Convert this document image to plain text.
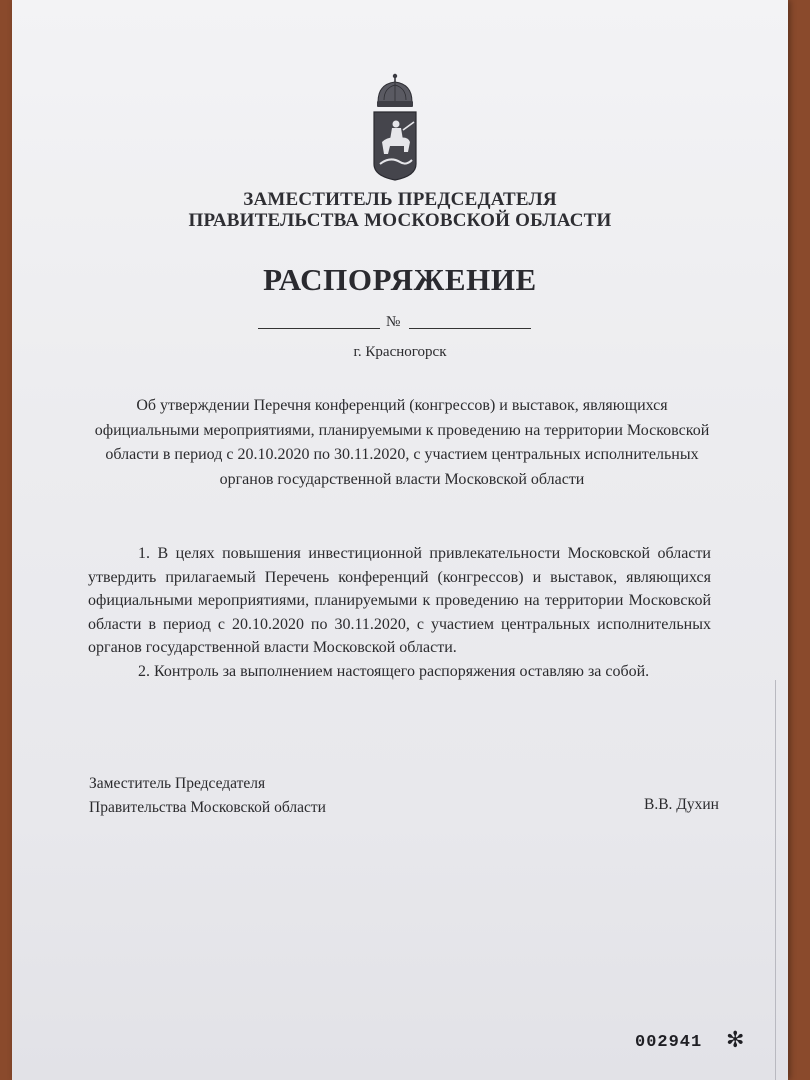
ЗАМЕСТИТЕЛЬ ПРЕДСЕДАТЕЛЯ
ПРАВИТЕЛЬСТВА МОСКОВСКОЙ ОБЛАСТИ
РАСПОРЯЖЕНИЕ
№
г. Красногорск
Об утверждении Перечня конференций (конгрессов) и выставок, являющихся официальными мероприятиями, планируемыми к проведению на территории Московской области в период с 20.10.2020 по 30.11.2020, с участием центральных исполнительных органов государственной власти Московской области

1. В целях повышения инвестиционной привлекательности Московской области утвердить прилагаемый Перечень конференций (конгрессов) и выставок, являющихся официальными мероприятиями, планируемыми к проведению на территории Московской области в период с 20.10.2020 по 30.11.2020, с участием центральных исполнительных органов государственной власти Московской области.

2. Контроль за выполнением настоящего распоряжения оставляю за собой.

Заместитель Председателя
Правительства Московской области	В.В. Духин
002941 ✻
